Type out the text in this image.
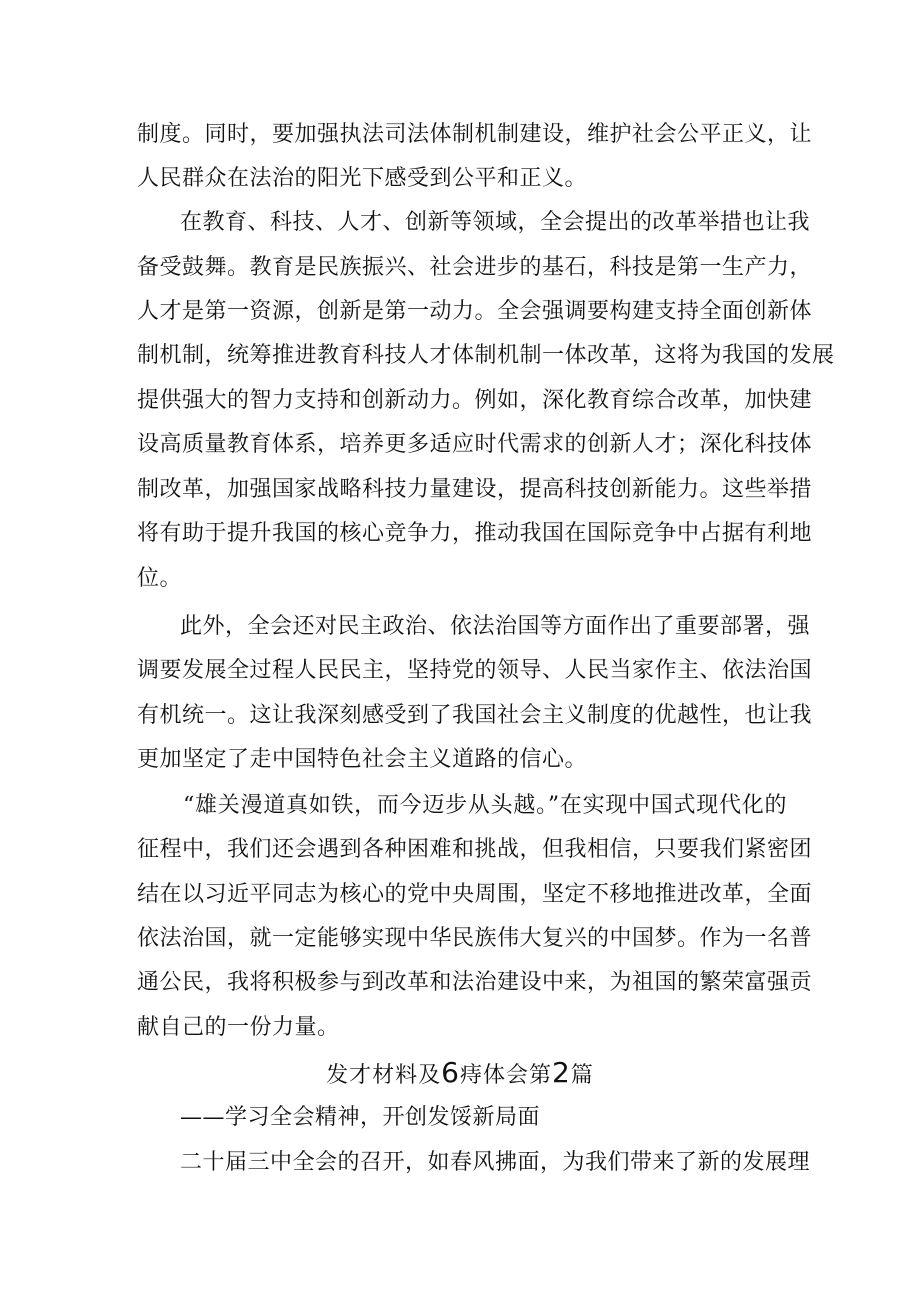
制度。同时，要加强执法司法体制机制建设，维护社会公平正义，让
人民群众在法治的阳光下感受到公平和正义。
在教育、科技、人才、创新等领域，全会提出的改革举措也让我
备受鼓舞。教育是民族振兴、社会进步的基石，科技是第一生产力，
人才是第一资源，创新是第一动力。全会强调要构建支持全面创新体
制机制，统筹推进教育科技人才体制机制一体改革，这将为我国的发展
提供强大的智力支持和创新动力。例如，深化教育综合改革，加快建
设高质量教育体系，培养更多适应时代需求的创新人才；深化科技体
制改革，加强国家战略科技力量建设，提高科技创新能力。这些举措
将有助于提升我国的核心竞争力，推动我国在国际竞争中占据有利地
位。
此外，全会还对民主政治、依法治国等方面作出了重要部署，强
调要发展全过程人民民主，坚持党的领导、人民当家作主、依法治国
有机统一。这让我深刻感受到了我国社会主义制度的优越性，也让我
更加坚定了走中国特色社会主义道路的信心。
“雄关漫道真如铁，而今迈步从头越。”在实现中国式现代化的
征程中，我们还会遇到各种困难和挑战，但我相信，只要我们紧密团
结在以习近平同志为核心的党中央周围，坚定不移地推进改革，全面
依法治国，就一定能够实现中华民族伟大复兴的中国梦。作为一名普
通公民，我将积极参与到改革和法治建设中来，为祖国的繁荣富强贡
献自己的一份力量。
发才材料及6痔体会第2篇
——学习全会精神，开创发馁新局面
二十届三中全会的召开，如春风拂面，为我们带来了新的发展理
